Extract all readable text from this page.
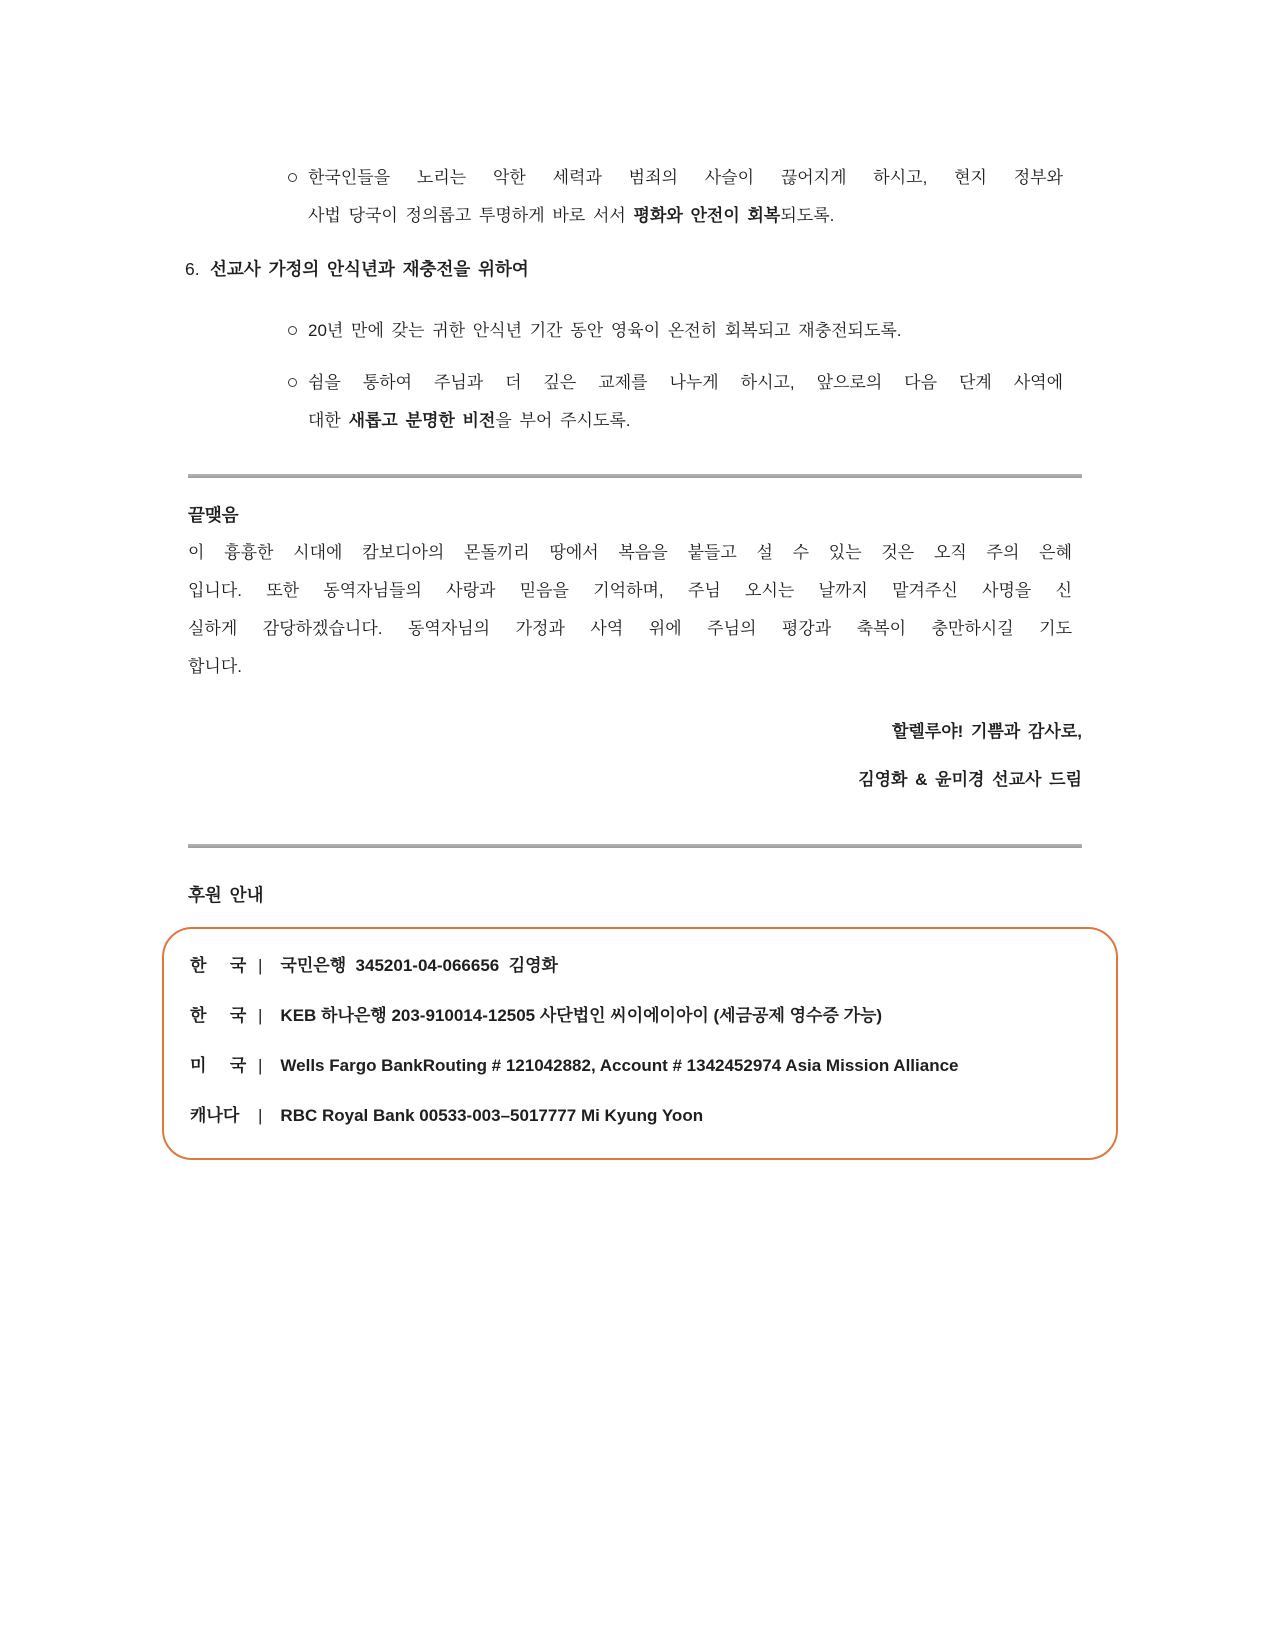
한국인들을 노리는 악한 세력과 범죄의 사슬이 끊어지게 하시고, 현지 정부와
사법 당국이 정의롭고 투명하게 바로 서서 평화와 안전이 회복되도록.
6. 선교사 가정의 안식년과 재충전을 위하여
20년 만에 갖는 귀한 안식년 기간 동안 영육이 온전히 회복되고 재충전되도록.
쉼을 통하여 주님과 더 깊은 교제를 나누게 하시고, 앞으로의 다음 단계 사역에
대한 새롭고 분명한 비전을 부어 주시도록.
끝맺음
이 흉흉한 시대에 캄보디아의 몬돌끼리 땅에서 복음을 붙들고 설 수 있는 것은 오직 주의 은혜
입니다. 또한 동역자님들의 사랑과 믿음을 기억하며, 주님 오시는 날까지 맡겨주신 사명을 신
실하게 감당하겠습니다. 동역자님의 가정과 사역 위에 주님의 평강과 축복이 충만하시길 기도
합니다.
할렐루야! 기쁨과 감사로,
김영화 & 윤미경 선교사 드림
후원 안내
한  국 | 국민은행  345201-04-066656  김영화
한  국 | KEB 하나은행 203-910014-12505 사단법인 씨이에이아이 (세금공제 영수증 가능)
미  국 | Wells Fargo BankRouting # 121042882, Account # 1342452974 Asia Mission Alliance
캐나다	| RBC Royal Bank 00533-003–5017777 Mi Kyung Yoon
